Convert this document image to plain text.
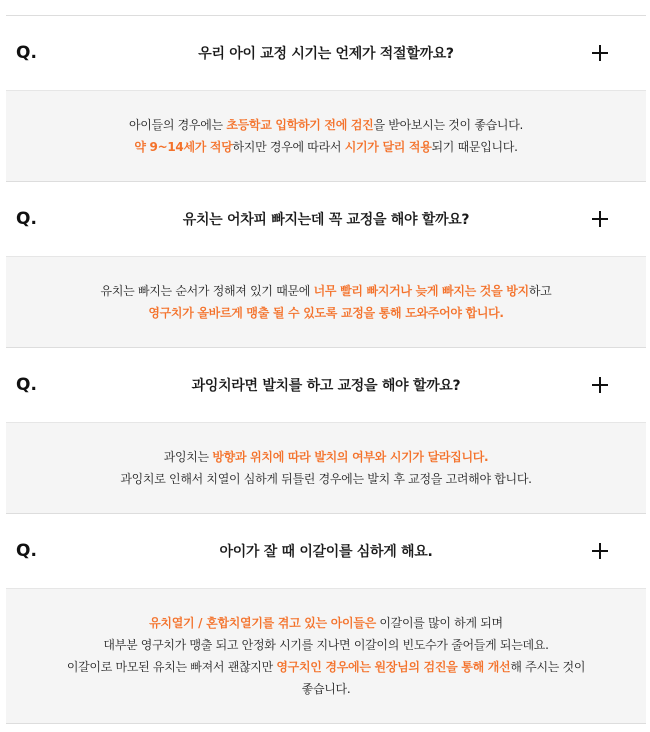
Q.	우리 아이 교정 시기는 언제가 적절할까요?
아이들의 경우에는 초등학교 입학하기 전에 검진을 받아보시는 것이 좋습니다.
약 9~14세가 적당하지만 경우에 따라서 시기가 달리 적용되기 때문입니다.
Q.	유치는 어차피 빠지는데 꼭 교정을 해야 할까요?
유치는 빠지는 순서가 정해져 있기 때문에 너무 빨리 빠지거나 늦게 빠지는 것을 방지하고
영구치가 올바르게 맹출 될 수 있도록 교정을 통해 도와주어야 합니다.
Q.	과잉치라면 발치를 하고 교정을 해야 할까요?
과잉치는 방향과 위치에 따라 발치의 여부와 시기가 달라집니다.
과잉치로 인해서 치열이 심하게 뒤틀린 경우에는 발치 후 교정을 고려해야 합니다.
Q.	아이가 잘 때 이갈이를 심하게 해요.
유치열기 / 혼합치열기를 겪고 있는 아이들은 이갈이를 많이 하게 되며
대부분 영구치가 맹출 되고 안정화 시기를 지나면 이갈이의 빈도수가 줄어들게 되는데요.
이갈이로 마모된 유치는 빠져서 괜찮지만 영구치인 경우에는 원장님의 검진을 통해 개선해 주시는 것이
좋습니다.
